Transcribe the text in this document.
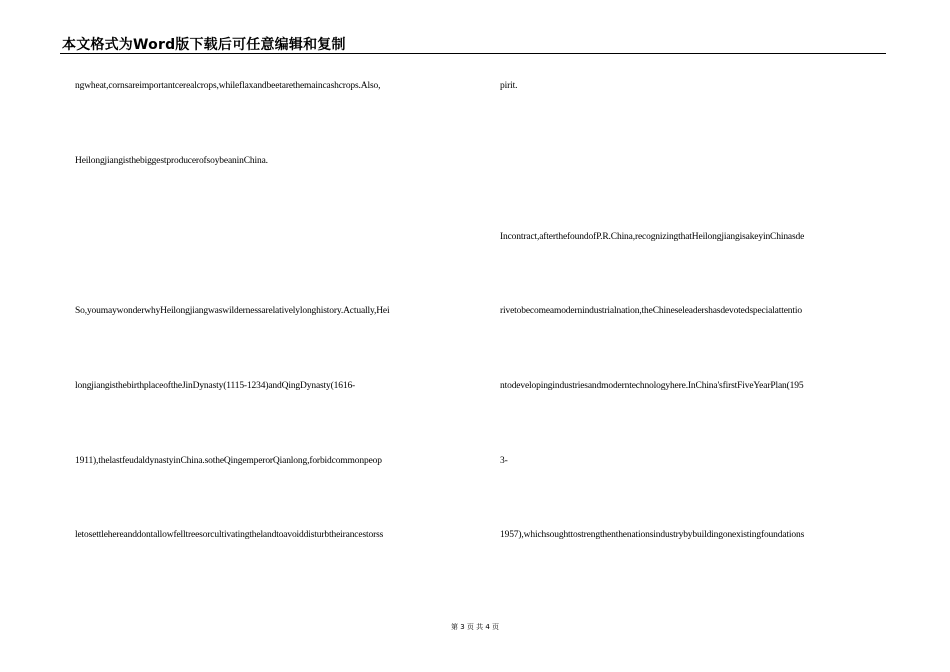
本文格式为Word版下载后可任意编辑和复制
ngwheat,cornsareimportantcerealcrops,whileflaxandbeetarethemaincashcrops.Also,
HeilongjiangisthebiggestproducerofsoybeaninChina.
So,youmaywonderwhyHeilongjiangwaswildernessarelativelylonghistory.Actually,Hei
longjiangisthebirthplaceoftheJinDynasty(1115-1234)andQingDynasty(1616-
1911),thelastfeudaldynastyinChina.sotheQingemperorQianlong,forbidcommonpeop
letosettlehereanddontallowfelltreesorcultivatingthelandtoavoiddisturbtheirancestorss
pirit.
Incontract,afterthefoundofP.R.China,recognizingthatHeilongjiangisakeyinChinasde
rivetobecomeamodernindustrialnation,theChineseleadershasdevotedspecialattentio
ntodevelopingindustriesandmoderntechnologyhere.InChina'sfirstFiveYearPlan(195
3-
1957),whichsoughttostrengthenthenationsindustrybybuildingonexistingfoundations
第 3 页 共 4 页
